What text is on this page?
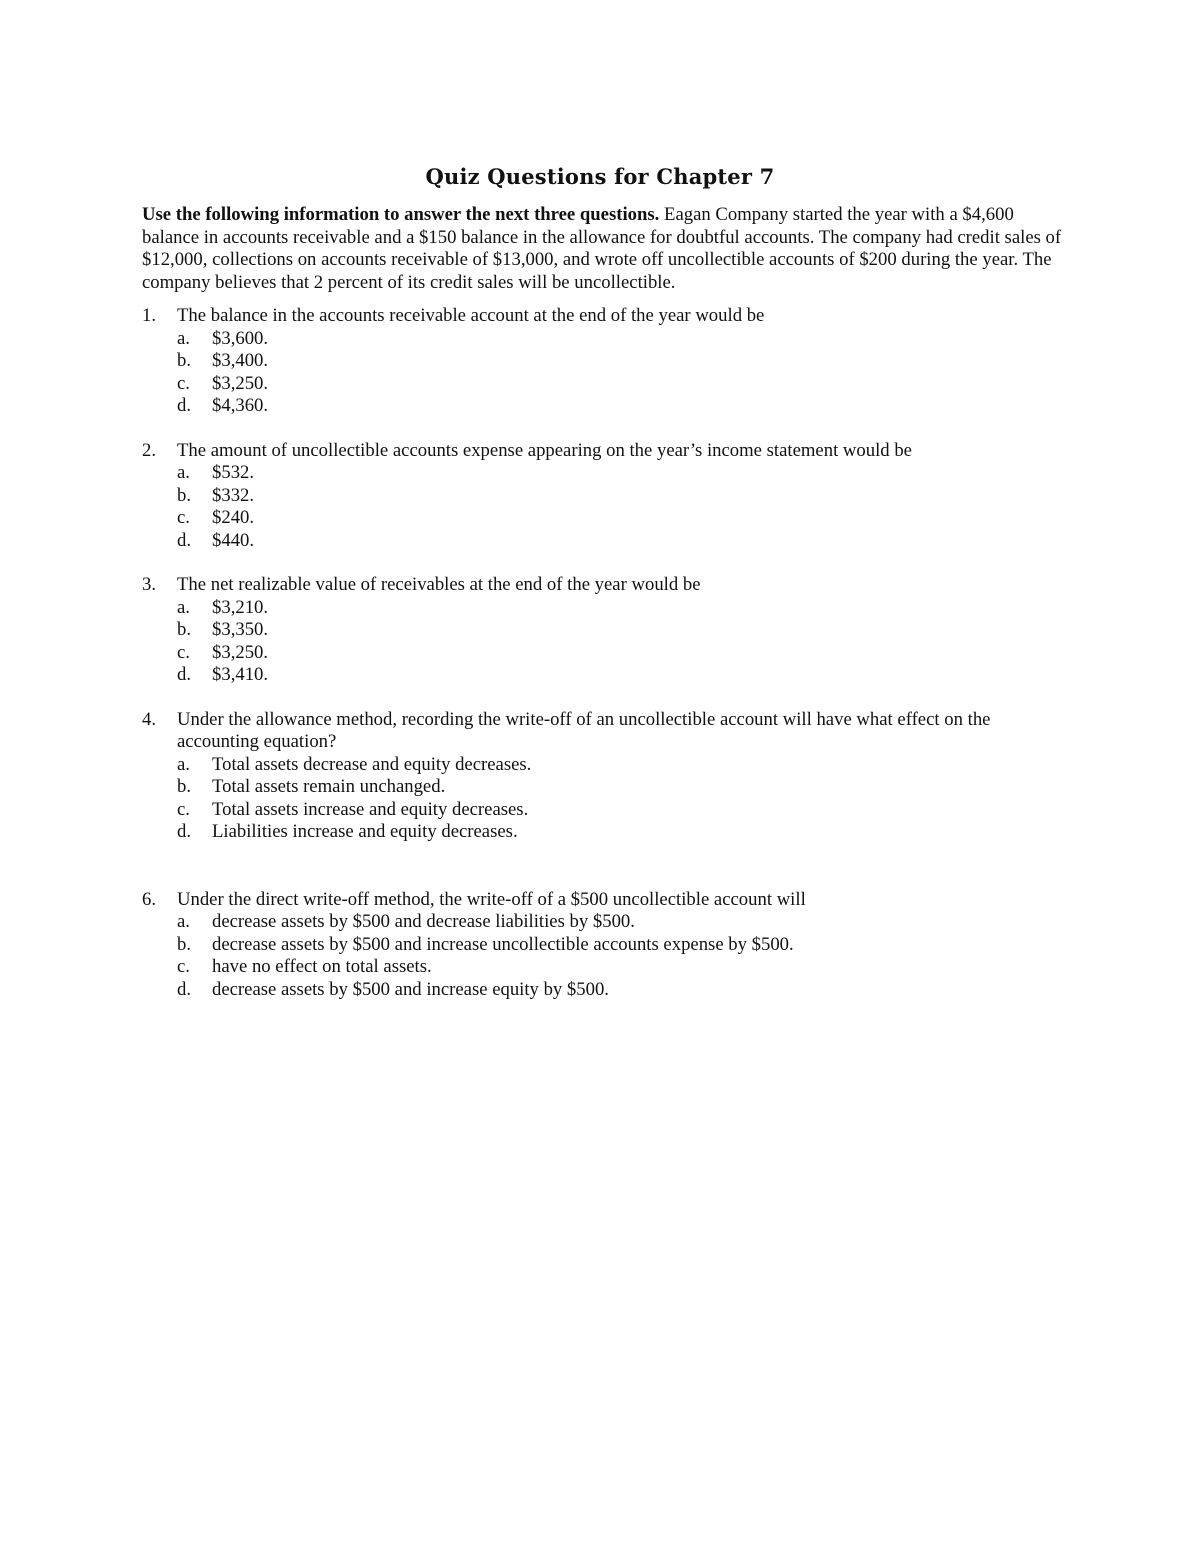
Quiz Questions for Chapter 7

Use the following information to answer the next three questions. Eagan Company started the year with a $4,600 balance in accounts receivable and a $150 balance in the allowance for doubtful accounts. The company had credit sales of $12,000, collections on accounts receivable of $13,000, and wrote off uncollectible accounts of $200 during the year. The company believes that 2 percent of its credit sales will be uncollectible.

1. The balance in the accounts receivable account at the end of the year would be
a. $3,600.
b. $3,400.
c. $3,250.
d. $4,360.
2. The amount of uncollectible accounts expense appearing on the year’s income statement would be
a. $532.
b. $332.
c. $240.
d. $440.
3. The net realizable value of receivables at the end of the year would be
a. $3,210.
b. $3,350.
c. $3,250.
d. $3,410.
4. Under the allowance method, recording the write-off of an uncollectible account will have what effect on the accounting equation?
a. Total assets decrease and equity decreases.
b. Total assets remain unchanged.
c. Total assets increase and equity decreases.
d. Liabilities increase and equity decreases.
6. Under the direct write-off method, the write-off of a $500 uncollectible account will
a. decrease assets by $500 and decrease liabilities by $500.
b. decrease assets by $500 and increase uncollectible accounts expense by $500.
c. have no effect on total assets.
d. decrease assets by $500 and increase equity by $500.
